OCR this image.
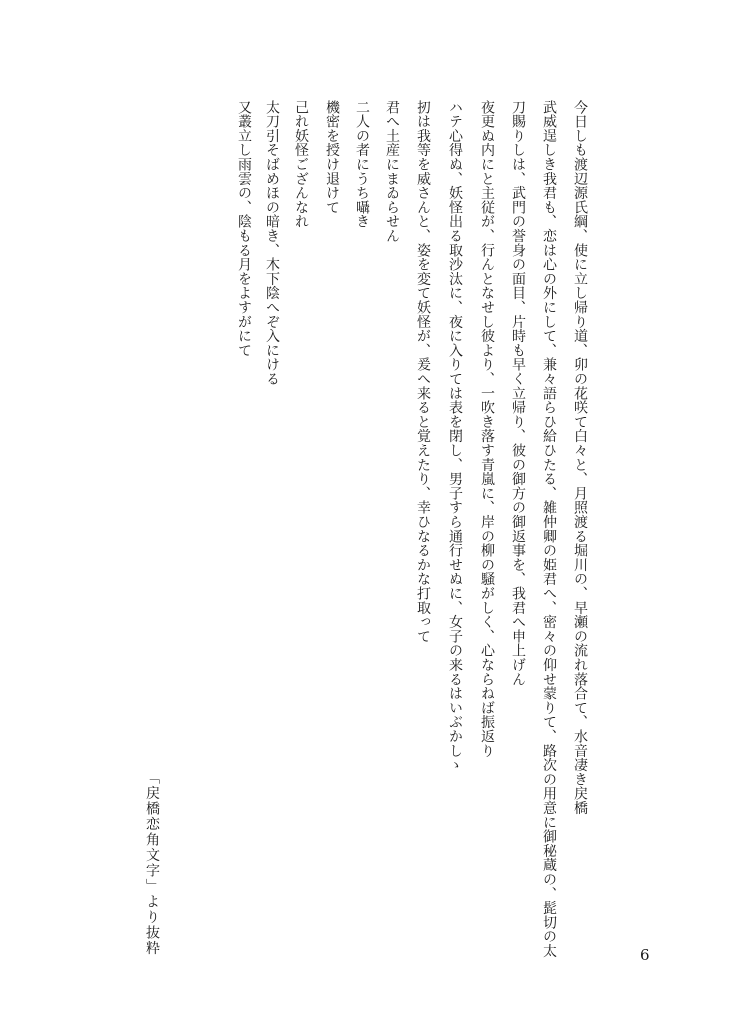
今日しも渡辺源氏綱、使に立し帰り道、卯の花咲て白々と、月照渡る堀川の、早瀬の流れ落合て、水音凄き戻橋
武威逞しき我君も、恋は心の外にして、兼々語らひ給ひたる、雑仲卿の姫君へ、密々の仰せ蒙りて、路次の用意に御秘蔵の、髭切の太
刀賜りしは、武門の誉身の面目、片時も早く立帰り、彼の御方の御返事を、我君へ申上げん
夜更ぬ内にと主従が、行んとなせし彼より、一吹き落す青嵐に、岸の柳の騒がしく、心ならねば振返り
ハテ心得ぬ、妖怪出る取沙汰に、夜に入りては表を閉し、男子すら通行せぬに、女子の来るはいぶかしゝ
扨は我等を威さんと、姿を変て妖怪が、爰へ来ると覚えたり、幸ひなるかな打取って
君へ土産にまゐらせん
二人の者にうち囁き
機密を授け退けて
己れ妖怪ござんなれ
太刀引そばめほの暗き、木下陰へぞ入にける
又叢立し雨雲の、陰もる月をよすがにて
「戻橋恋角文字」より抜粋	6
